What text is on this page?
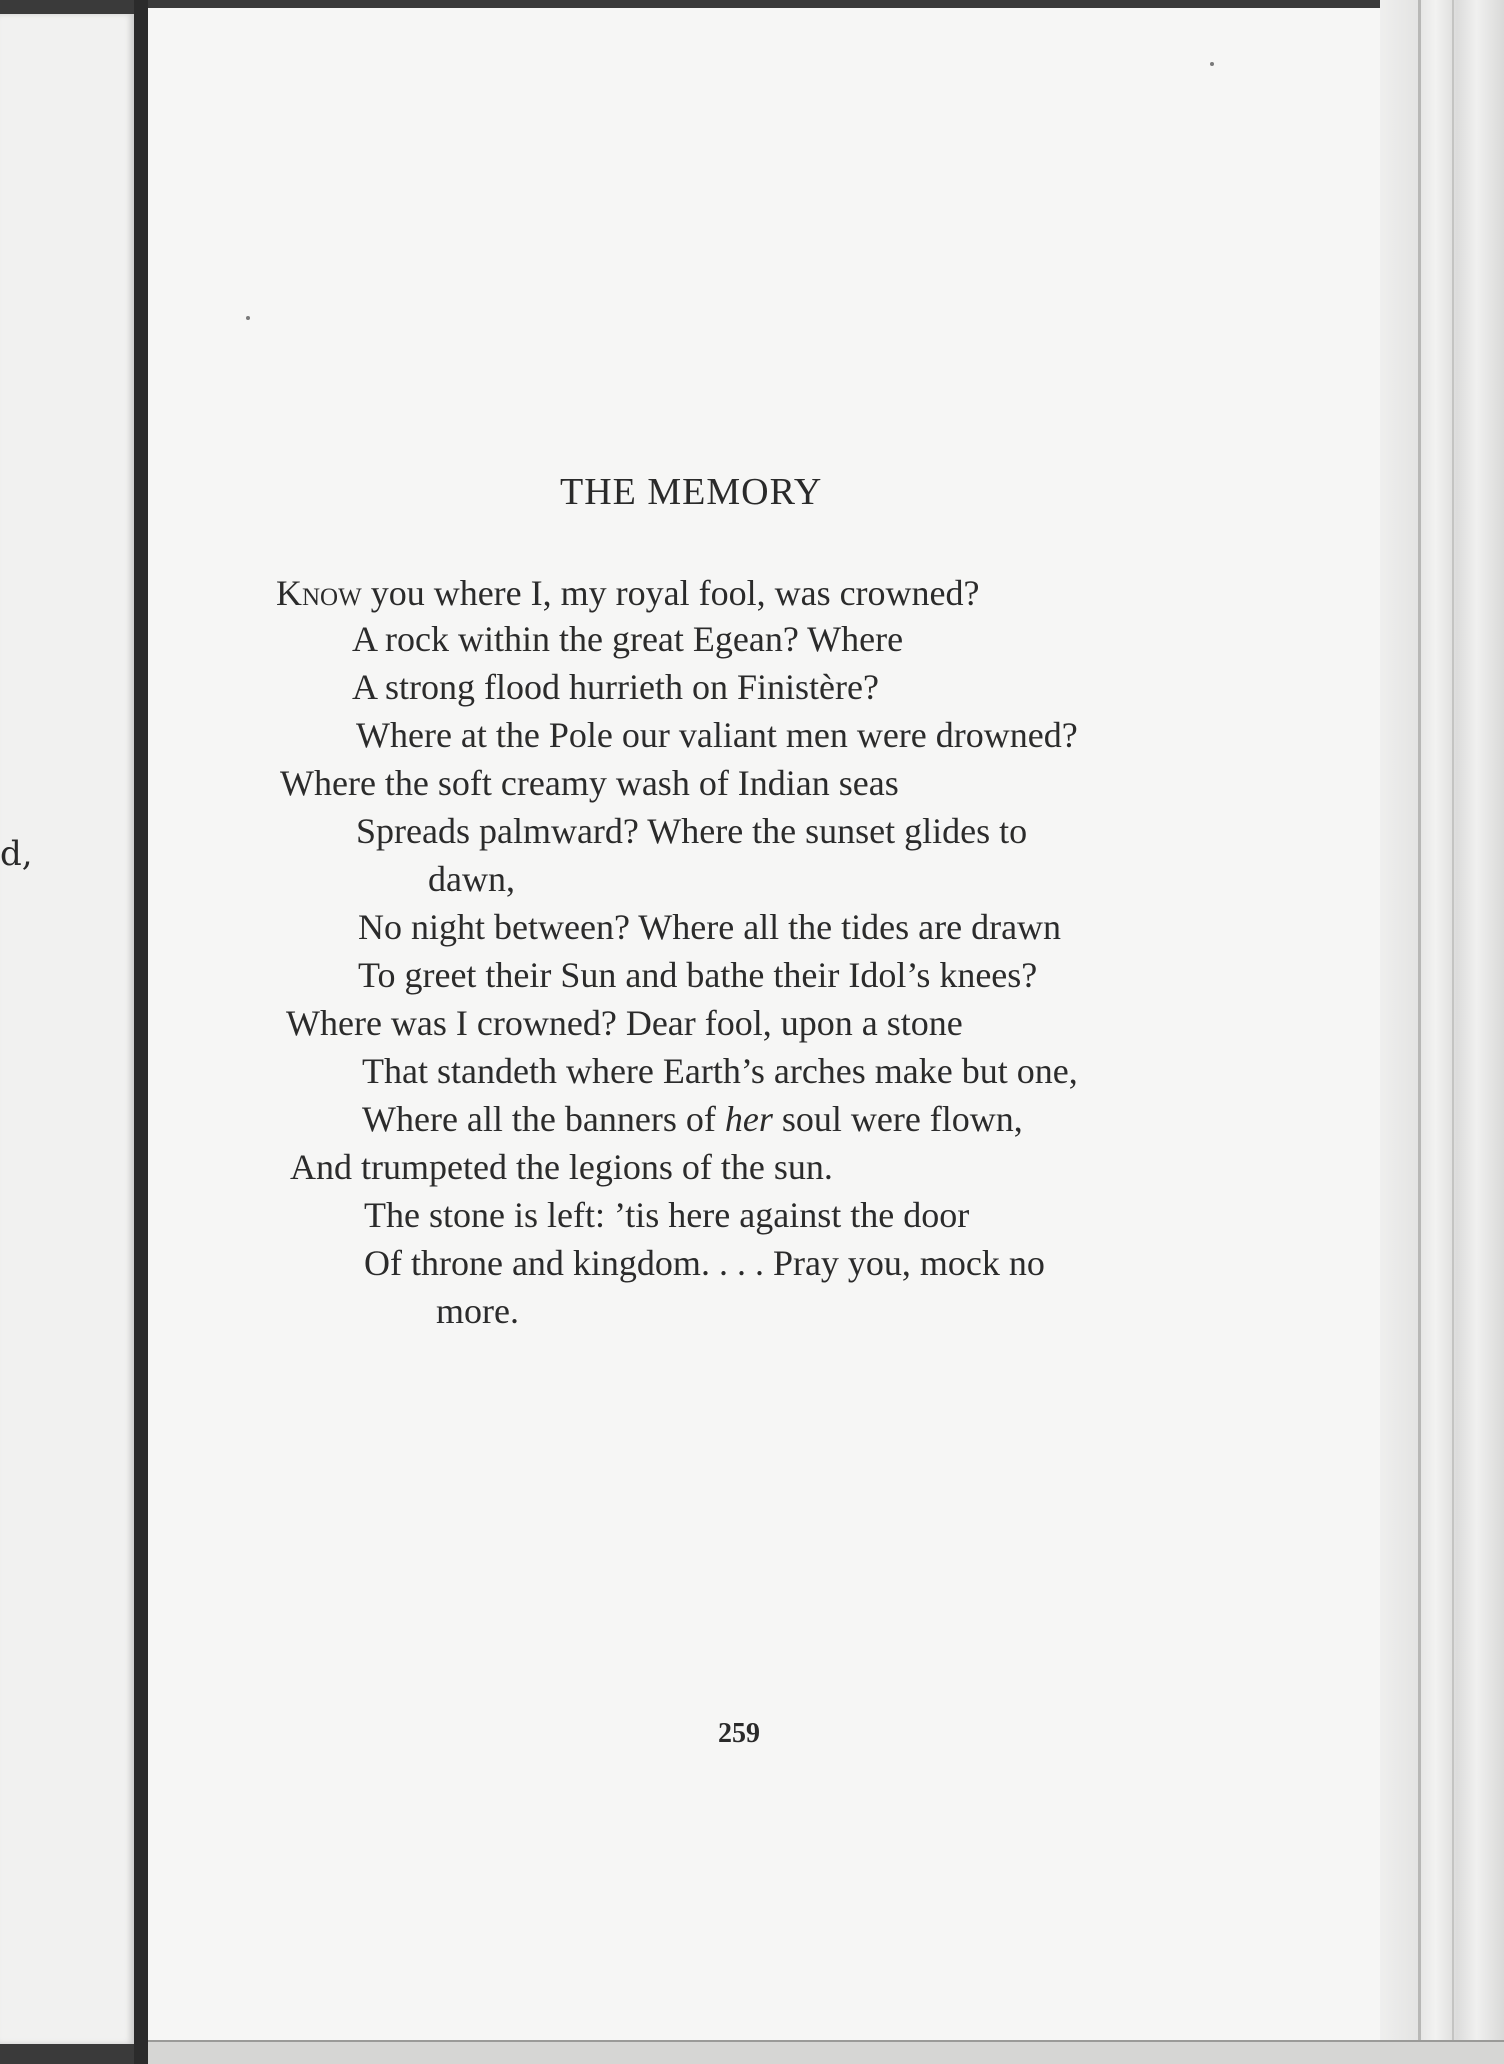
d,
THE MEMORY
Know you where I, my royal fool, was crowned?
A rock within the great Egean? Where
A strong flood hurrieth on Finistère?
Where at the Pole our valiant men were drowned?
Where the soft creamy wash of Indian seas
Spreads palmward? Where the sunset glides to
dawn,
No night between? Where all the tides are drawn
To greet their Sun and bathe their Idol’s knees?
Where was I crowned? Dear fool, upon a stone
That standeth where Earth’s arches make but one,
Where all the banners of her soul were flown,
And trumpeted the legions of the sun.
The stone is left: ’tis here against the door
Of throne and kingdom. . . . Pray you, mock no
more.
259
